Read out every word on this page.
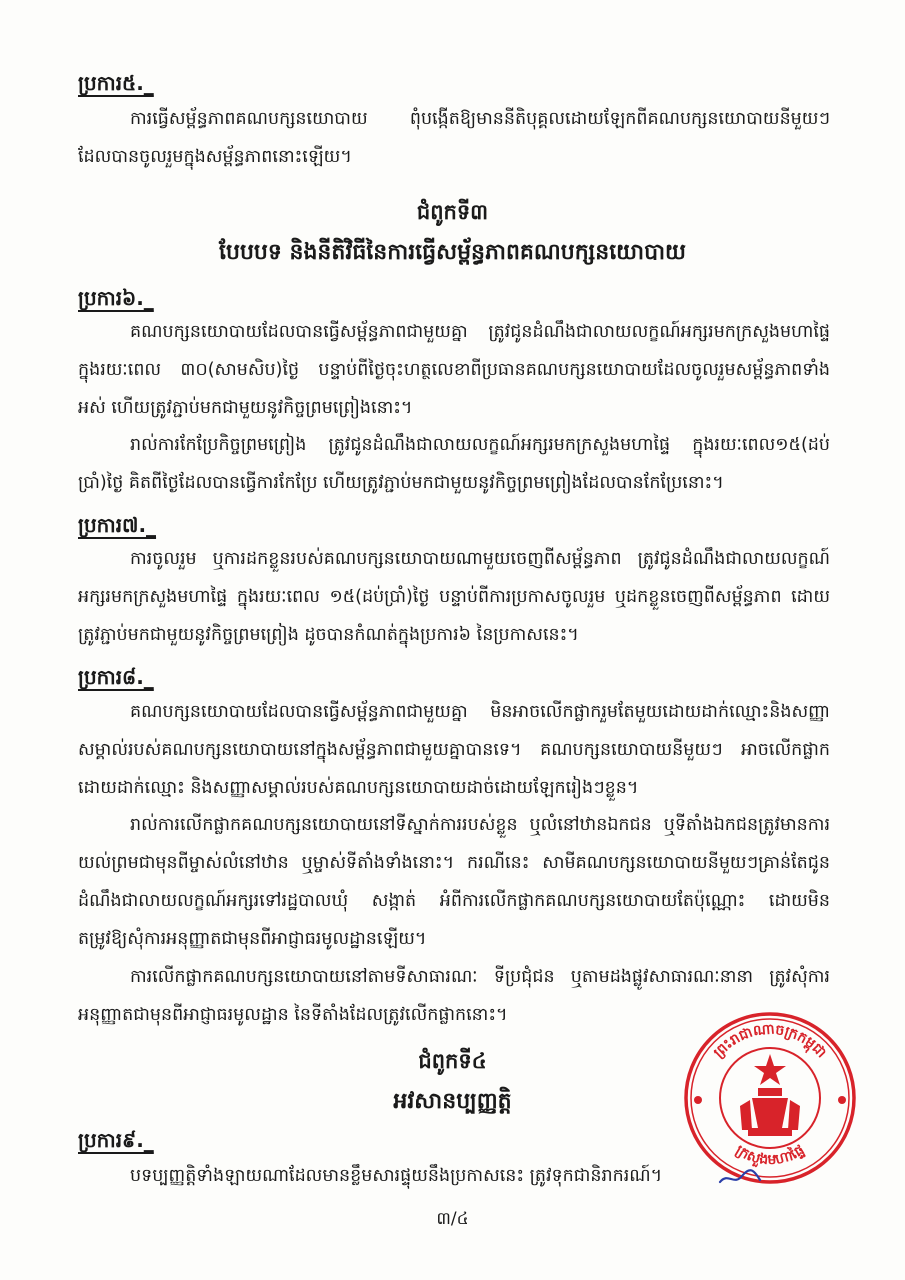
ប្រការ៥._

ការធ្វើសម្ព័ន្ធភាពគណបក្សនយោបាយ ពុំបង្កើតឱ្យមាននីតិបុគ្គលដោយឡែកពីគណបក្សនយោបាយនីមួយៗ ដែលបានចូលរួមក្នុងសម្ព័ន្ធភាពនោះឡើយ។

ជំពូកទី៣
បែបបទ និងនីតិវិធីនៃការធ្វើសម្ព័ន្ធភាពគណបក្សនយោបាយ
ប្រការ៦._

គណបក្សនយោបាយដែលបានធ្វើសម្ព័ន្ធភាពជាមួយគ្នា ត្រូវជូនដំណឹងជាលាយលក្ខណ៍អក្សរមកក្រសួងមហាផ្ទៃ ក្នុងរយៈពេល ៣០(សាមសិប)ថ្ងៃ បន្ទាប់ពីថ្ងៃចុះហត្ថលេខាពីប្រធានគណបក្សនយោបាយដែលចូលរួមសម្ព័ន្ធភាពទាំងអស់ ហើយត្រូវភ្ជាប់មកជាមួយនូវកិច្ចព្រមព្រៀងនោះ។

រាល់ការកែប្រែកិច្ចព្រមព្រៀង ត្រូវជូនដំណឹងជាលាយលក្ខណ៍អក្សរមកក្រសួងមហាផ្ទៃ ក្នុងរយៈពេល១៥(ដប់ប្រាំ)ថ្ងៃ គិតពីថ្ងៃដែលបានធ្វើការកែប្រែ ហើយត្រូវភ្ជាប់មកជាមួយនូវកិច្ចព្រមព្រៀងដែលបានកែប្រែនោះ។

ប្រការ៧._

ការចូលរួម ឬការដកខ្លួនរបស់គណបក្សនយោបាយណាមួយចេញពីសម្ព័ន្ធភាព ត្រូវជូនដំណឹងជាលាយលក្ខណ៍អក្សរមកក្រសួងមហាផ្ទៃ ក្នុងរយៈពេល ១៥(ដប់ប្រាំ)ថ្ងៃ បន្ទាប់ពីការប្រកាសចូលរួម ឬដកខ្លួនចេញពីសម្ព័ន្ធភាព ដោយត្រូវភ្ជាប់មកជាមួយនូវកិច្ចព្រមព្រៀង ដូចបានកំណត់ក្នុងប្រការ៦ នៃប្រកាសនេះ។

ប្រការ៨._

គណបក្សនយោបាយដែលបានធ្វើសម្ព័ន្ធភាពជាមួយគ្នា មិនអាចលើកផ្លាករួមតែមួយដោយដាក់ឈ្មោះនិងសញ្ញាសម្គាល់របស់គណបក្សនយោបាយនៅក្នុងសម្ព័ន្ធភាពជាមួយគ្នាបានទេ។ គណបក្សនយោបាយនីមួយៗ អាចលើកផ្លាកដោយដាក់ឈ្មោះ និងសញ្ញាសម្គាល់របស់គណបក្សនយោបាយដាច់ដោយឡែករៀងៗខ្លួន។

រាល់ការលើកផ្លាកគណបក្សនយោបាយនៅទីស្នាក់ការរបស់ខ្លួន ឬលំនៅឋានឯកជន ឬទីតាំងឯកជនត្រូវមានការយល់ព្រមជាមុនពីម្ចាស់លំនៅឋាន ឬម្ចាស់ទីតាំងទាំងនោះ។ ករណីនេះ សាមីគណបក្សនយោបាយនីមួយៗគ្រាន់តែជូនដំណឹងជាលាយលក្ខណ៍អក្សរទៅរដ្ឋបាលឃុំ សង្កាត់ អំពីការលើកផ្លាកគណបក្សនយោបាយតែប៉ុណ្ណោះ ដោយមិនតម្រូវឱ្យសុំការអនុញ្ញាតជាមុនពីអាជ្ញាធរមូលដ្ឋានឡើយ។

ការលើកផ្លាកគណបក្សនយោបាយនៅតាមទីសាធារណៈ ទីប្រជុំជន ឬតាមដងផ្លូវសាធារណៈនានា ត្រូវសុំការអនុញ្ញាតជាមុនពីអាជ្ញាធរមូលដ្ឋាន នៃទីតាំងដែលត្រូវលើកផ្លាកនោះ។

ជំពូកទី៤
អវសានប្បញ្ញត្តិ
ប្រការ៩._

បទប្បញ្ញត្តិទាំងឡាយណាដែលមានខ្លឹមសារផ្ទុយនឹងប្រកាសនេះ ត្រូវទុកជានិរាករណ៍។

៣/៤
ព្រះរាជាណាចក្រកម្ពុជា
ក្រសួងមហាផ្ទៃ
